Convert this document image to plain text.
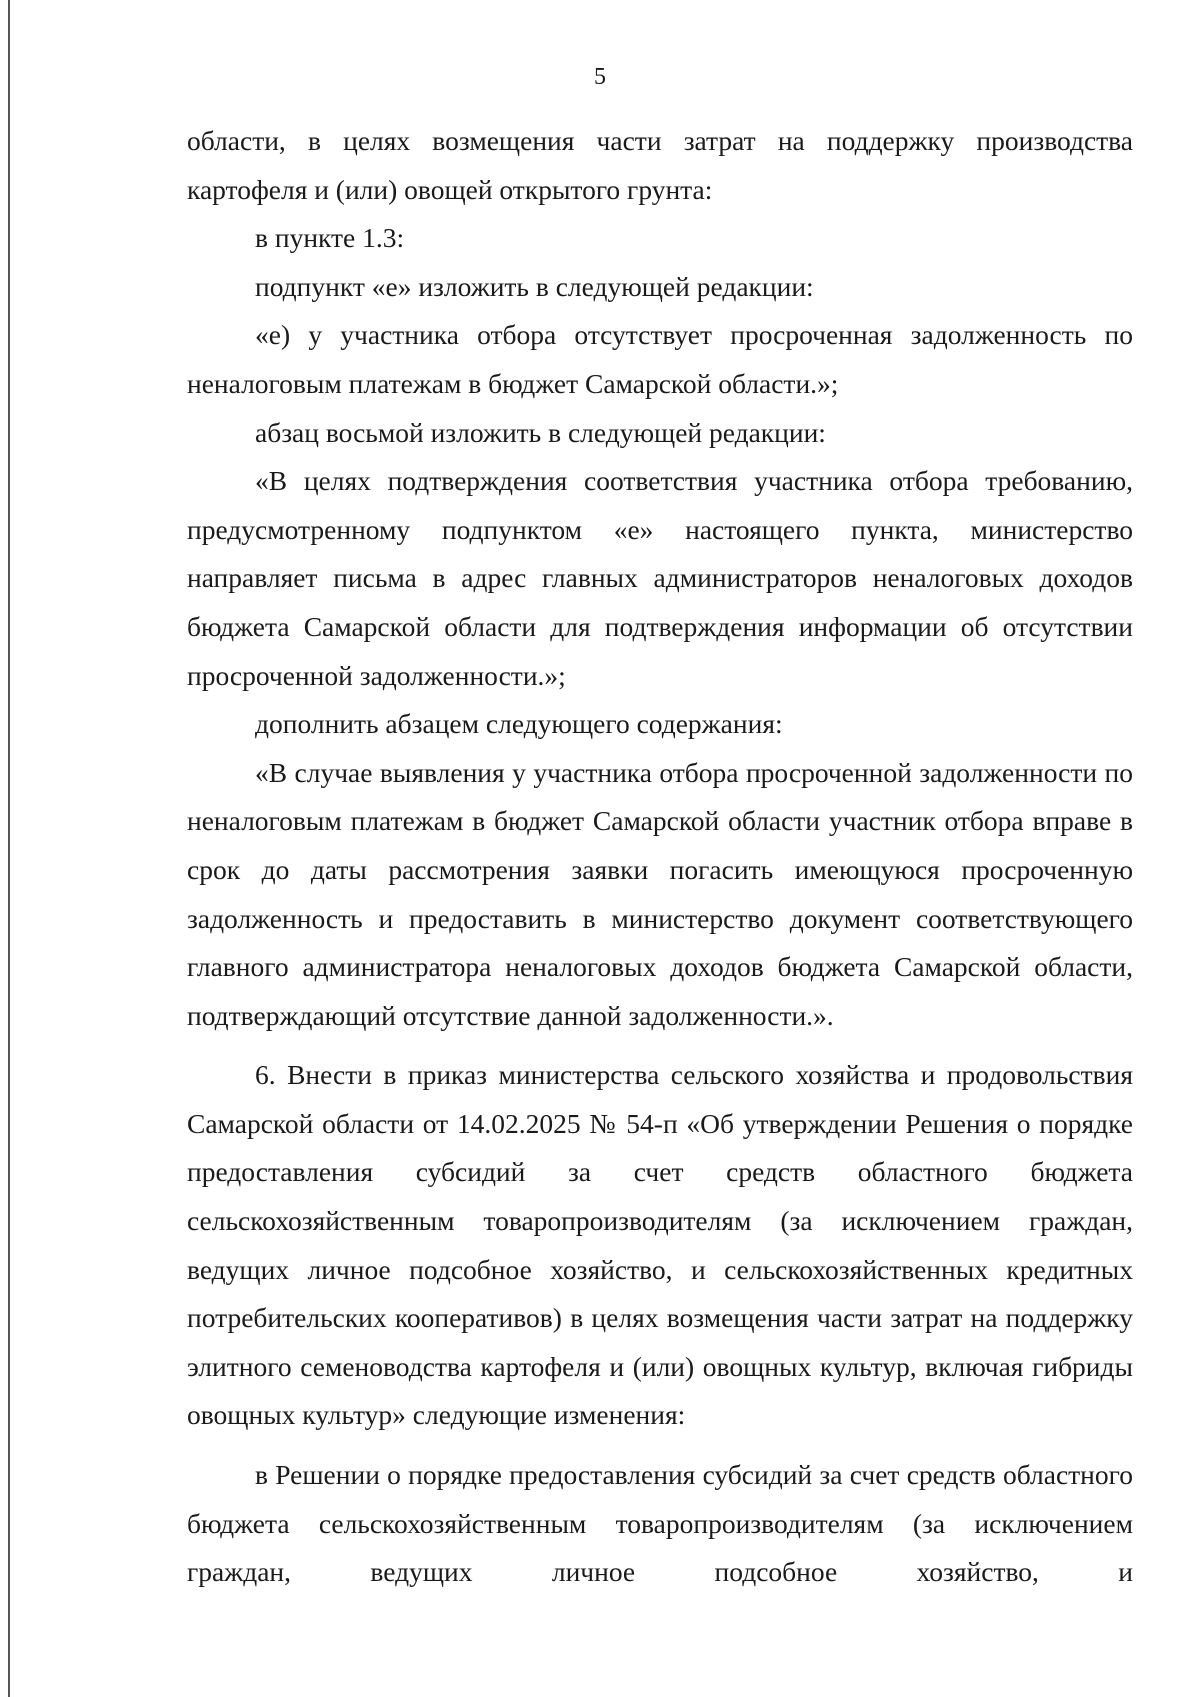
5

области, в целях возмещения части затрат на поддержку производства картофеля и (или) овощей открытого грунта:

в пункте 1.3:

подпункт «е» изложить в следующей редакции:

«е) у участника отбора отсутствует просроченная задолженность по неналоговым платежам в бюджет Самарской области.»;

абзац восьмой изложить в следующей редакции:

«В целях подтверждения соответствия участника отбора требованию, предусмотренному подпунктом «е» настоящего пункта, министерство направляет письма в адрес главных администраторов неналоговых доходов бюджета Самарской области для подтверждения информации об отсутствии просроченной задолженности.»;

дополнить абзацем следующего содержания:

«В случае выявления у участника отбора просроченной задолженности по неналоговым платежам в бюджет Самарской области участник отбора вправе в срок до даты рассмотрения заявки погасить имеющуюся просроченную задолженность и предоставить в министерство документ соответствующего главного администратора неналоговых доходов бюджета Самарской области, подтверждающий отсутствие данной задолженности.».

6. Внести в приказ министерства сельского хозяйства и продовольствия Самарской области от 14.02.2025 № 54-п «Об утверждении Решения о порядке предоставления субсидий за счет средств областного бюджета сельскохозяйственным товаропроизводителям (за исключением граждан, ведущих личное подсобное хозяйство, и сельскохозяйственных кредитных потребительских кооперативов) в целях возмещения части затрат на поддержку элитного семеноводства картофеля и (или) овощных культур, включая гибриды овощных культур» следующие изменения:

в Решении о порядке предоставления субсидий за счет средств областного бюджета сельскохозяйственным товаропроизводителям (за исключением граждан, ведущих личное подсобное хозяйство, и
